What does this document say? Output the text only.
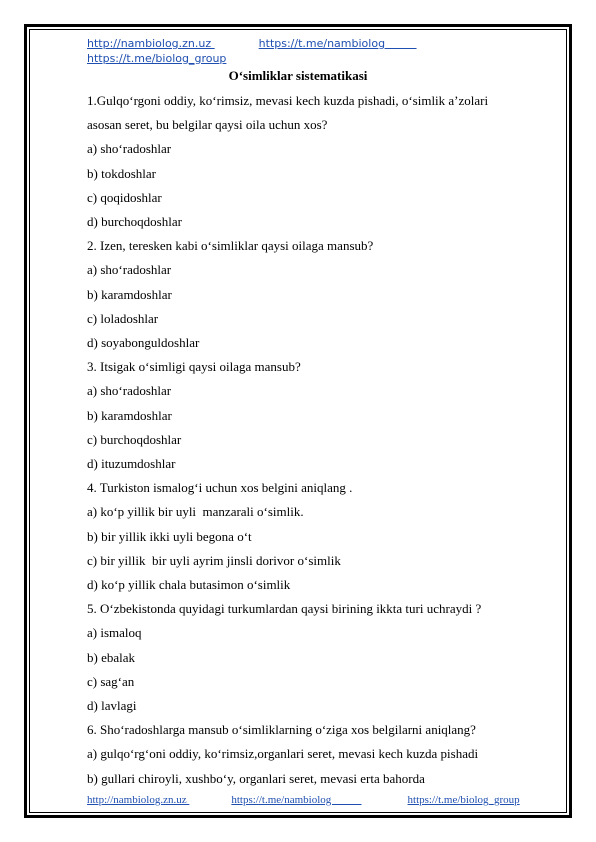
http://nambiolog.zn.uz	https://t.me/nambiolog
https://t.me/biolog_group
O‘simliklar sistematikasi
1.Gulqo‘rgoni oddiy, ko‘rimsiz, mevasi kech kuzda pishadi, o‘simlik a’zolari
asosan seret, bu belgilar qaysi oila uchun xos?
a) sho‘radoshlar
b) tokdoshlar
c) qoqidoshlar
d) burchoqdoshlar
2. Izen, teresken kabi o‘simliklar qaysi oilaga mansub?
a) sho‘radoshlar
b) karamdoshlar
c) loladoshlar
d) soyabonguldoshlar
3. Itsigak o‘simligi qaysi oilaga mansub?
a) sho‘radoshlar
b) karamdoshlar
c) burchoqdoshlar
d) ituzumdoshlar
4. Turkiston ismalog‘i uchun xos belgini aniqlang .
a) ko‘p yillik bir uyli  manzarali o‘simlik.
b) bir yillik ikki uyli begona o‘t
c) bir yillik  bir uyli ayrim jinsli dorivor o‘simlik
d) ko‘p yillik chala butasimon o‘simlik
5. O‘zbekistonda quyidagi turkumlardan qaysi birining ikkta turi uchraydi ?
a) ismaloq
b) ebalak
c) sag‘an
d) lavlagi
6. Sho‘radoshlarga mansub o‘simliklarning o‘ziga xos belgilarni aniqlang?
a) gulqo‘rg‘oni oddiy, ko‘rimsiz,organlari seret, mevasi kech kuzda pishadi
b) gullari chiroyli, xushbo‘y, organlari seret, mevasi erta bahorda
http://nambiolog.zn.uz	https://t.me/nambiolog	https://t.me/biolog_group
